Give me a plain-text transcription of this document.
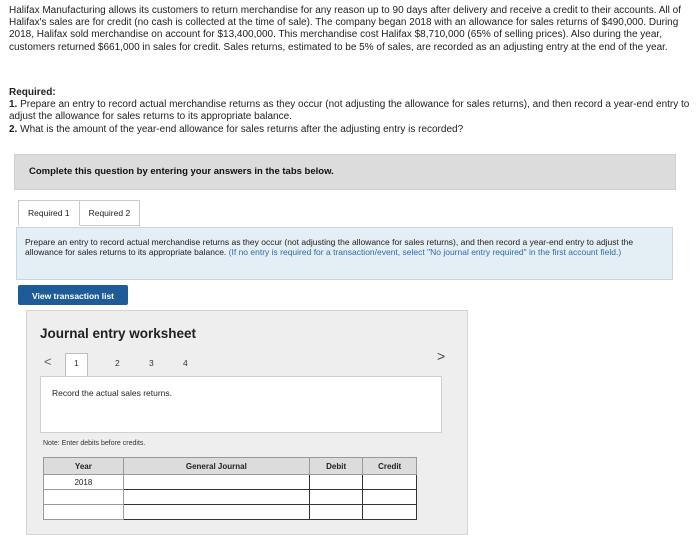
Halifax Manufacturing allows its customers to return merchandise for any reason up to 90 days after delivery and receive a credit to their accounts. All of Halifax's sales are for credit (no cash is collected at the time of sale). The company began 2018 with an allowance for sales returns of $490,000. During 2018, Halifax sold merchandise on account for $13,400,000. This merchandise cost Halifax $8,710,000 (65% of selling prices). Also during the year, customers returned $661,000 in sales for credit. Sales returns, estimated to be 5% of sales, are recorded as an adjusting entry at the end of the year.
Required:
1. Prepare an entry to record actual merchandise returns as they occur (not adjusting the allowance for sales returns), and then record a year-end entry to adjust the allowance for sales returns to its appropriate balance.
2. What is the amount of the year-end allowance for sales returns after the adjusting entry is recorded?
Complete this question by entering your answers in the tabs below.
Required 1	Required 2
Prepare an entry to record actual merchandise returns as they occur (not adjusting the allowance for sales returns), and then record a year-end entry to adjust the allowance for sales returns to its appropriate balance. (If no entry is required for a transaction/event, select "No journal entry required" in the first account field.)
View transaction list
Journal entry worksheet
<	1	2	3	4
Record the actual sales returns.
Note: Enter debits before credits.
Year	General Journal	Debit	Credit
2018			

>
